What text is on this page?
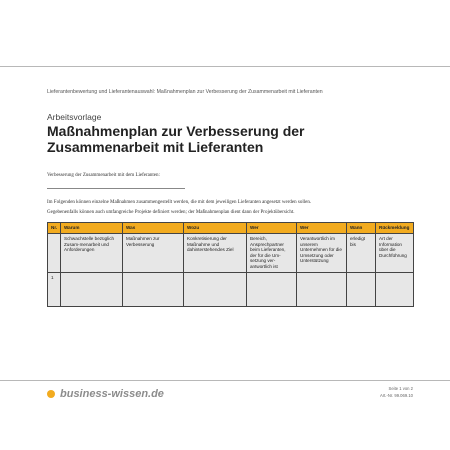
Lieferantenbewertung und Lieferantenauswahl: Maßnahmenplan zur Verbesserung der Zusammenarbeit mit Lieferanten
Arbeitsvorlage
Maßnahmenplan zur Verbesserung der Zusammenarbeit mit Lieferanten
Verbesserung der Zusammenarbeit mit dem Lieferanten:
Im Folgenden können einzelne Maßnahmen zusammengestellt werden, die mit dem jeweiligen Lieferanten angesetzt werden sollen.
Gegebenenfalls können auch umfangreiche Projekte definiert werden; der Maßnahmenplan dient dann der Projektübersicht.
Nr.	Warum	Was	Wozu	Wer	Wer	Wann	Rückmeldung
	Schwachstelle bezüglich Zusam-menarbeit und Anforderungen	Maßnahmen zur Verbesserung	Konkretisierung der Maßnahme und dahinterstehendes Ziel	Bereich, Ansprechpartner beim Lieferanten, der für die Um-setzung ver-antwortlich ist	Verantwortlich im unserem Unternehmen für die Umsetzung oder Unterstützung	erledigt bis	Art der Information über die Durchführung
1							
business-wissen.de	Seite 1 von 2
Art.-Nr. 99.069.10
